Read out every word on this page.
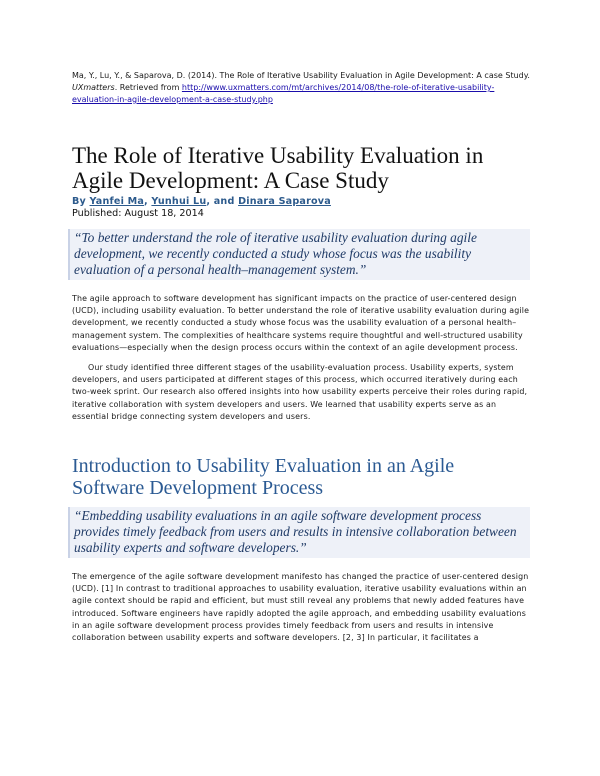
Ma, Y., Lu, Y., & Saparova, D. (2014). The Role of Iterative Usability Evaluation in Agile Development: A case Study. UXmatters. Retrieved from http://www.uxmatters.com/mt/archives/2014/08/the-role-of-iterative-usability-evaluation-in-agile-development-a-case-study.php

The Role of Iterative Usability Evaluation in Agile Development: A Case Study

By Yanfei Ma, Yunhui Lu, and Dinara Saparova

Published: August 18, 2014

“To better understand the role of iterative usability evaluation during agile development, we recently conducted a study whose focus was the usability evaluation of a personal health–management system.”

The agile approach to software development has significant impacts on the practice of user-centered design (UCD), including usability evaluation. To better understand the role of iterative usability evaluation during agile development, we recently conducted a study whose focus was the usability evaluation of a personal health–management system. The complexities of healthcare systems require thoughtful and well-structured usability evaluations—especially when the design process occurs within the context of an agile development process.

Our study identified three different stages of the usability-evaluation process. Usability experts, system developers, and users participated at different stages of this process, which occurred iteratively during each two-week sprint. Our research also offered insights into how usability experts perceive their roles during rapid, iterative collaboration with system developers and users. We learned that usability experts serve as an essential bridge connecting system developers and users.

Introduction to Usability Evaluation in an Agile Software Development Process
“Embedding usability evaluations in an agile software development process provides timely feedback from users and results in intensive collaboration between usability experts and software developers.”

The emergence of the agile software development manifesto has changed the practice of user-centered design (UCD). [1] In contrast to traditional approaches to usability evaluation, iterative usability evaluations within an agile context should be rapid and efficient, but must still reveal any problems that newly added features have introduced. Software engineers have rapidly adopted the agile approach, and embedding usability evaluations in an agile software development process provides timely feedback from users and results in intensive collaboration between usability experts and software developers. [2, 3] In particular, it facilitates a
